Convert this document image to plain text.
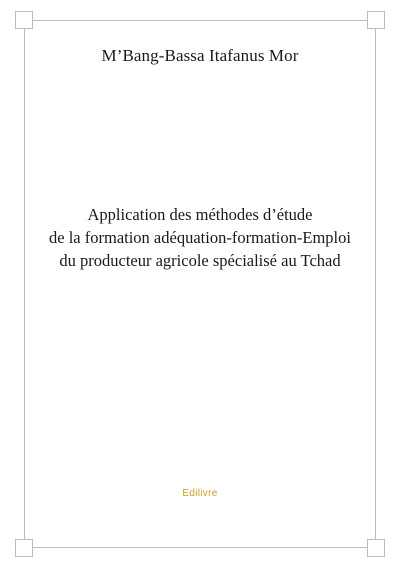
M’Bang-Bassa Itafanus Mor
Application des méthodes d’étude
de la formation adéquation-formation-Emploi
du producteur agricole spécialisé au Tchad
Edilivre
